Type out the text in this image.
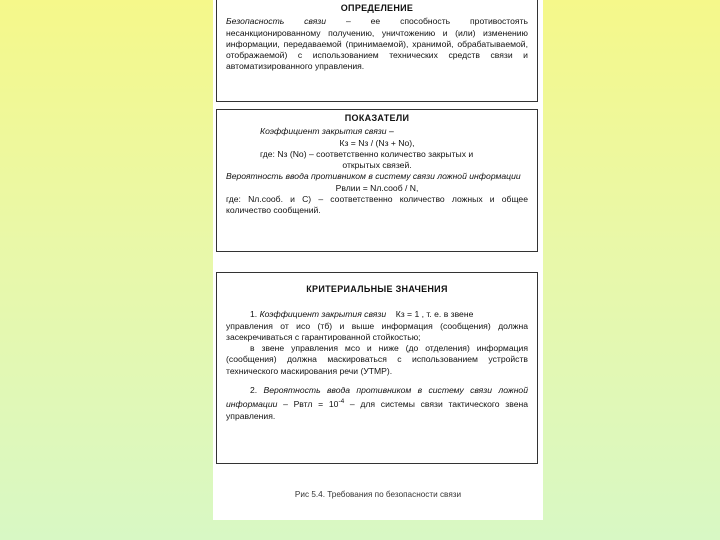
ОПРЕДЕЛЕНИЕ

Безопасность связи – ее способность противостоять несанкционированному получению, уничтожению и (или) изменению информации, передаваемой (принимаемой), хранимой, обрабатываемой, отображаемой) с использованием технических средств связи и автоматизированного управления.

ПОКАЗАТЕЛИ

Коэффициент закрытия связи –

Кз = Nз / (Nз + Nо),

где: Nз (Nо) – соответственно количество закрытых и

открытых связей.

Вероятность ввода противником в систему связи ложной информации

Рвлии = Nл.сооб / N,

где: Nл.сооб. и С) – соответственно количество ложных и общее количество сообщений.

КРИТЕРИАЛЬНЫЕ ЗНАЧЕНИЯ

1. Коэффициент закрытия связи Кз = 1 , т. е. в звене

управления от исо (тб) и выше информация (сообщения) должна засекречиваться с гарантированной стойкостью;

в звене управления мсо и ниже (до отделения) информация (сообщения) должна маскироваться с использованием устройств технического маскирования речи (УТМР).

2. Вероятность ввода противником в систему связи ложной информации – Рвтл = $10^{-4}$ – для системы связи тактического звена управления.

Рис 5.4. Требования по безопасности связи
